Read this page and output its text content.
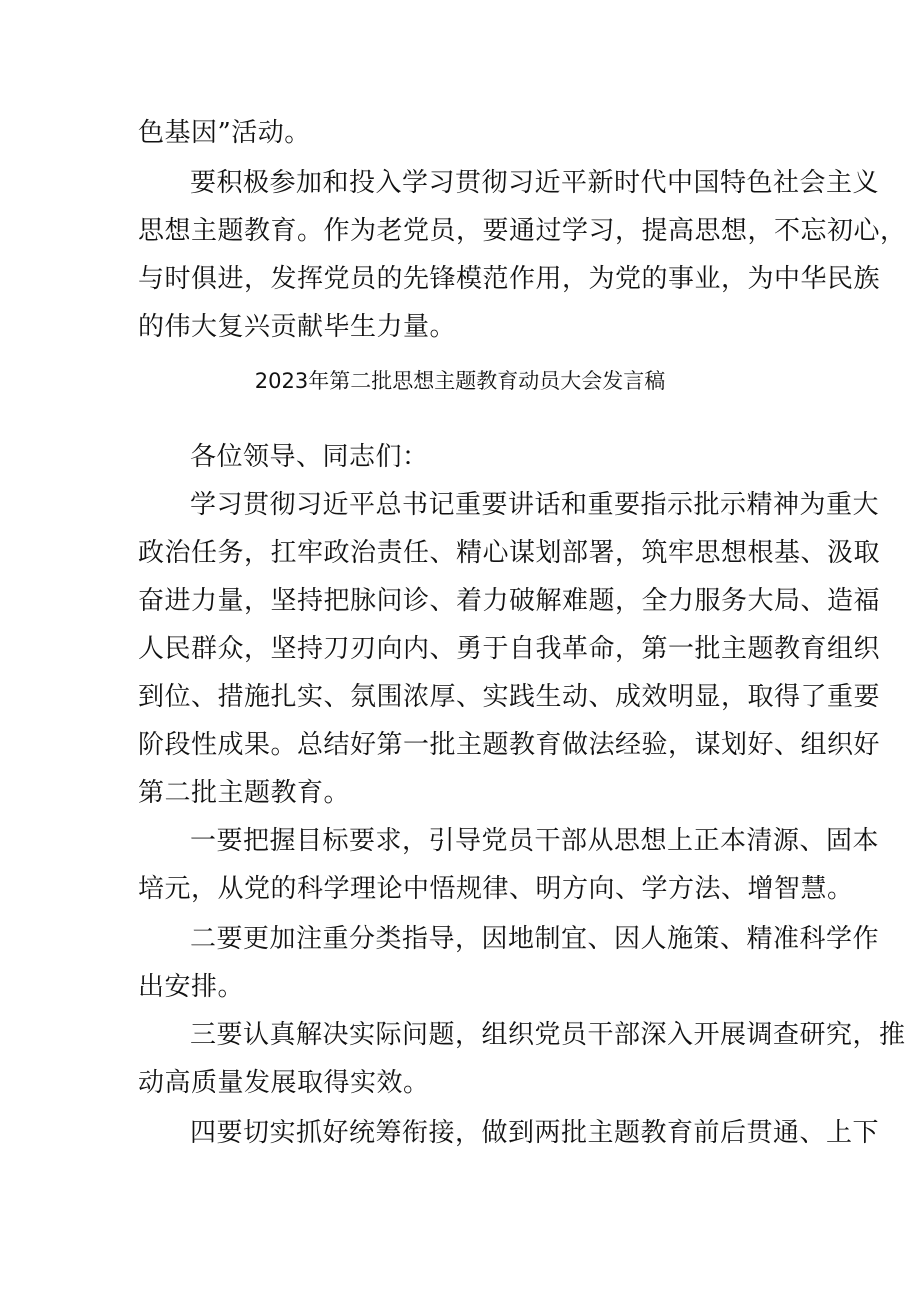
色基因”活动。
要积极参加和投入学习贯彻习近平新时代中国特色社会主义
思想主题教育。作为老党员，要通过学习，提高思想，不忘初心，
与时俱进，发挥党员的先锋模范作用，为党的事业，为中华民族
的伟大复兴贡献毕生力量。
2023年第二批思想主题教育动员大会发言稿
各位领导、同志们：
学习贯彻习近平总书记重要讲话和重要指示批示精神为重大
政治任务，扛牢政治责任、精心谋划部署，筑牢思想根基、汲取
奋进力量，坚持把脉问诊、着力破解难题，全力服务大局、造福
人民群众，坚持刀刃向内、勇于自我革命，第一批主题教育组织
到位、措施扎实、氛围浓厚、实践生动、成效明显，取得了重要
阶段性成果。总结好第一批主题教育做法经验，谋划好、组织好
第二批主题教育。
一要把握目标要求，引导党员干部从思想上正本清源、固本
培元，从党的科学理论中悟规律、明方向、学方法、增智慧。
二要更加注重分类指导，因地制宜、因人施策、精准科学作
出安排。
三要认真解决实际问题，组织党员干部深入开展调查研究，推
动高质量发展取得实效。
四要切实抓好统筹衔接，做到两批主题教育前后贯通、上下
